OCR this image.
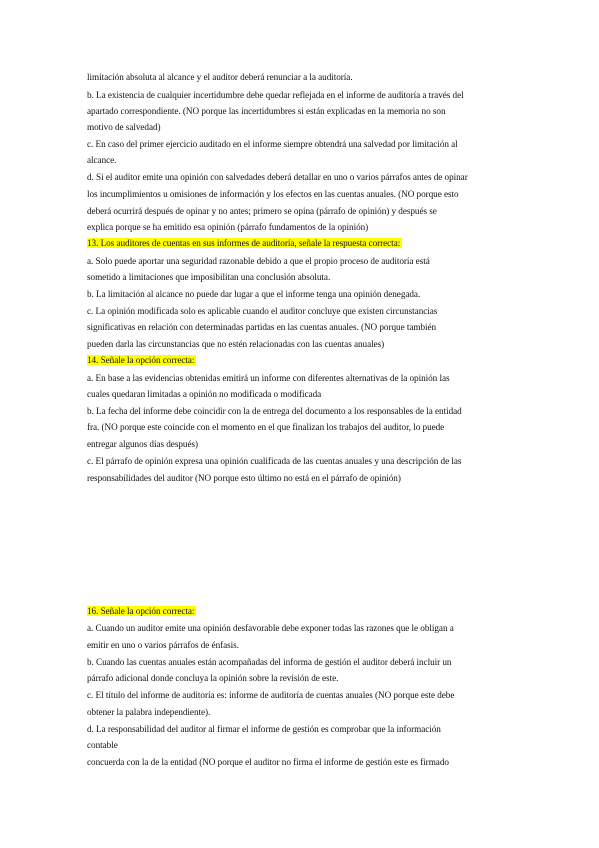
limitación absoluta al alcance y el auditor deberá renunciar a la auditoría.
b. La existencia de cualquier incertidumbre debe quedar reflejada en el informe de auditoría a través del
apartado correspondiente. (NO porque las incertidumbres si están explicadas en la memoria no son
motivo de salvedad)
c. En caso del primer ejercicio auditado en el informe siempre obtendrá una salvedad por limitación al
alcance.
d. Si el auditor emite una opinión con salvedades deberá detallar en uno o varios párrafos antes de opinar
los incumplimientos u omisiones de información y los efectos en las cuentas anuales. (NO porque esto
deberá ocurrirá después de opinar y no antes; primero se opina (párrafo de opinión) y después se
explica porque se ha emitido esa opinión (párrafo fundamentos de la opinión)
13. Los auditores de cuentas en sus informes de auditoría, señale la respuesta correcta:
a. Solo puede aportar una seguridad razonable debido a que el propio proceso de auditoría está
sometido a limitaciones que imposibilitan una conclusión absoluta.
b. La limitación al alcance no puede dar lugar a que el informe tenga una opinión denegada.
c. La opinión modificada solo es aplicable cuando el auditor concluye que existen circunstancias
significativas en relación con determinadas partidas en las cuentas anuales. (NO porque también
pueden darla las circunstancias que no estén relacionadas con las cuentas anuales)
14. Señale la opción correcta:
a. En base a las evidencias obtenidas emitirá un informe con diferentes alternativas de la opinión las
cuales quedaran limitadas a opinión no modificada o modificada
b. La fecha del informe debe coincidir con la de entrega del documento a los responsables de la entidad
fra. (NO porque este coincide con el momento en el que finalizan los trabajos del auditor, lo puede
entregar algunos días después)
c. El párrafo de opinión expresa una opinión cualificada de las cuentas anuales y una descripción de las
responsabilidades del auditor (NO porque esto último no está en el párrafo de opinión)
16. Señale la opción correcta:
a. Cuando un auditor emite una opinión desfavorable debe exponer todas las razones que le obligan a
emitir en uno o varios párrafos de énfasis.
b. Cuando las cuentas anuales están acompañadas del informa de gestión el auditor deberá incluir un
párrafo adicional donde concluya la opinión sobre la revisión de este.
c. El título del informe de auditoría es: informe de auditoría de cuentas anuales (NO porque este debe
obtener la palabra independiente).
d. La responsabilidad del auditor al firmar el informe de gestión es comprobar que la información
contable
concuerda con la de la entidad (NO porque el auditor no firma el informe de gestión este es firmado
